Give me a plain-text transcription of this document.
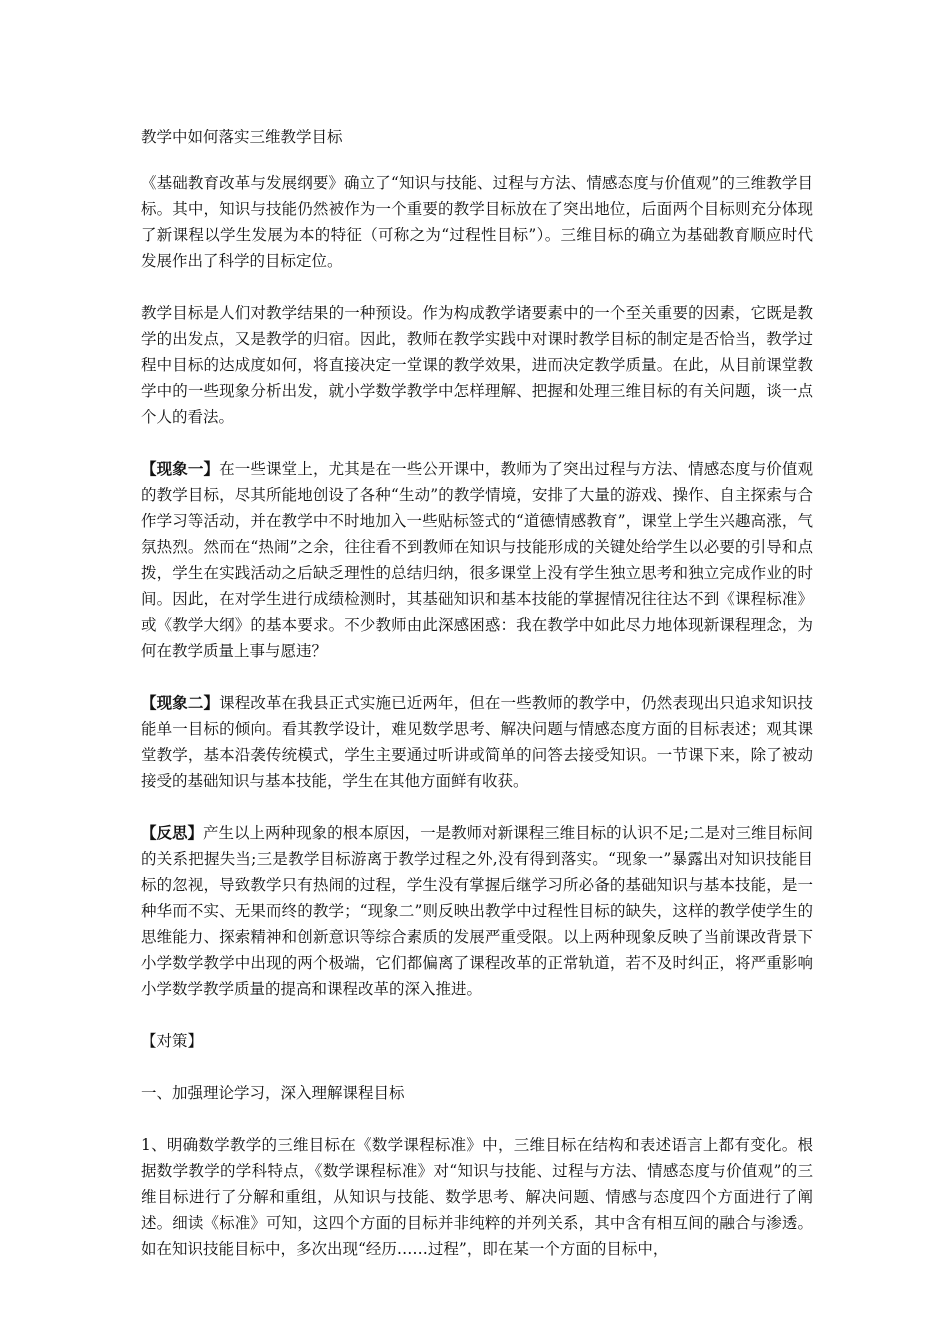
教学中如何落实三维教学目标

《基础教育改革与发展纲要》确立了“知识与技能、过程与方法、情感态度与价值观”的三维教学目标。其中，知识与技能仍然被作为一个重要的教学目标放在了突出地位，后面两个目标则充分体现了新课程以学生发展为本的特征（可称之为“过程性目标”）。三维目标的确立为基础教育顺应时代发展作出了科学的目标定位。

教学目标是人们对教学结果的一种预设。作为构成教学诸要素中的一个至关重要的因素，它既是教学的出发点，又是教学的归宿。因此，教师在教学实践中对课时教学目标的制定是否恰当，教学过程中目标的达成度如何，将直接决定一堂课的教学效果，进而决定教学质量。在此，从目前课堂教学中的一些现象分析出发，就小学数学教学中怎样理解、把握和处理三维目标的有关问题，谈一点个人的看法。

【现象一】在一些课堂上，尤其是在一些公开课中，教师为了突出过程与方法、情感态度与价值观的教学目标，尽其所能地创设了各种“生动”的教学情境，安排了大量的游戏、操作、自主探索与合作学习等活动，并在教学中不时地加入一些贴标签式的“道德情感教育”，课堂上学生兴趣高涨，气氛热烈。然而在“热闹”之余，往往看不到教师在知识与技能形成的关键处给学生以必要的引导和点拨，学生在实践活动之后缺乏理性的总结归纳，很多课堂上没有学生独立思考和独立完成作业的时间。因此，在对学生进行成绩检测时，其基础知识和基本技能的掌握情况往往达不到《课程标准》或《教学大纲》的基本要求。不少教师由此深感困惑：我在教学中如此尽力地体现新课程理念，为何在教学质量上事与愿违？

【现象二】课程改革在我县正式实施已近两年，但在一些教师的教学中，仍然表现出只追求知识技能单一目标的倾向。看其教学设计，难见数学思考、解决问题与情感态度方面的目标表述；观其课堂教学，基本沿袭传统模式，学生主要通过听讲或简单的问答去接受知识。一节课下来，除了被动接受的基础知识与基本技能，学生在其他方面鲜有收获。

【反思】产生以上两种现象的根本原因，一是教师对新课程三维目标的认识不足;二是对三维目标间的关系把握失当;三是教学目标游离于教学过程之外,没有得到落实。“现象一”暴露出对知识技能目标的忽视，导致教学只有热闹的过程，学生没有掌握后继学习所必备的基础知识与基本技能，是一种华而不实、无果而终的教学；“现象二”则反映出教学中过程性目标的缺失，这样的教学使学生的思维能力、探索精神和创新意识等综合素质的发展严重受限。以上两种现象反映了当前课改背景下小学数学教学中出现的两个极端，它们都偏离了课程改革的正常轨道，若不及时纠正，将严重影响小学数学教学质量的提高和课程改革的深入推进。

【对策】

一、加强理论学习，深入理解课程目标

1、明确数学教学的三维目标在《数学课程标准》中，三维目标在结构和表述语言上都有变化。根据数学教学的学科特点，《数学课程标准》对“知识与技能、过程与方法、情感态度与价值观”的三维目标进行了分解和重组，从知识与技能、数学思考、解决问题、情感与态度四个方面进行了阐述。细读《标准》可知，这四个方面的目标并非纯粹的并列关系，其中含有相互间的融合与渗透。如在知识技能目标中，多次出现“经历……过程”，即在某一个方面的目标中，
